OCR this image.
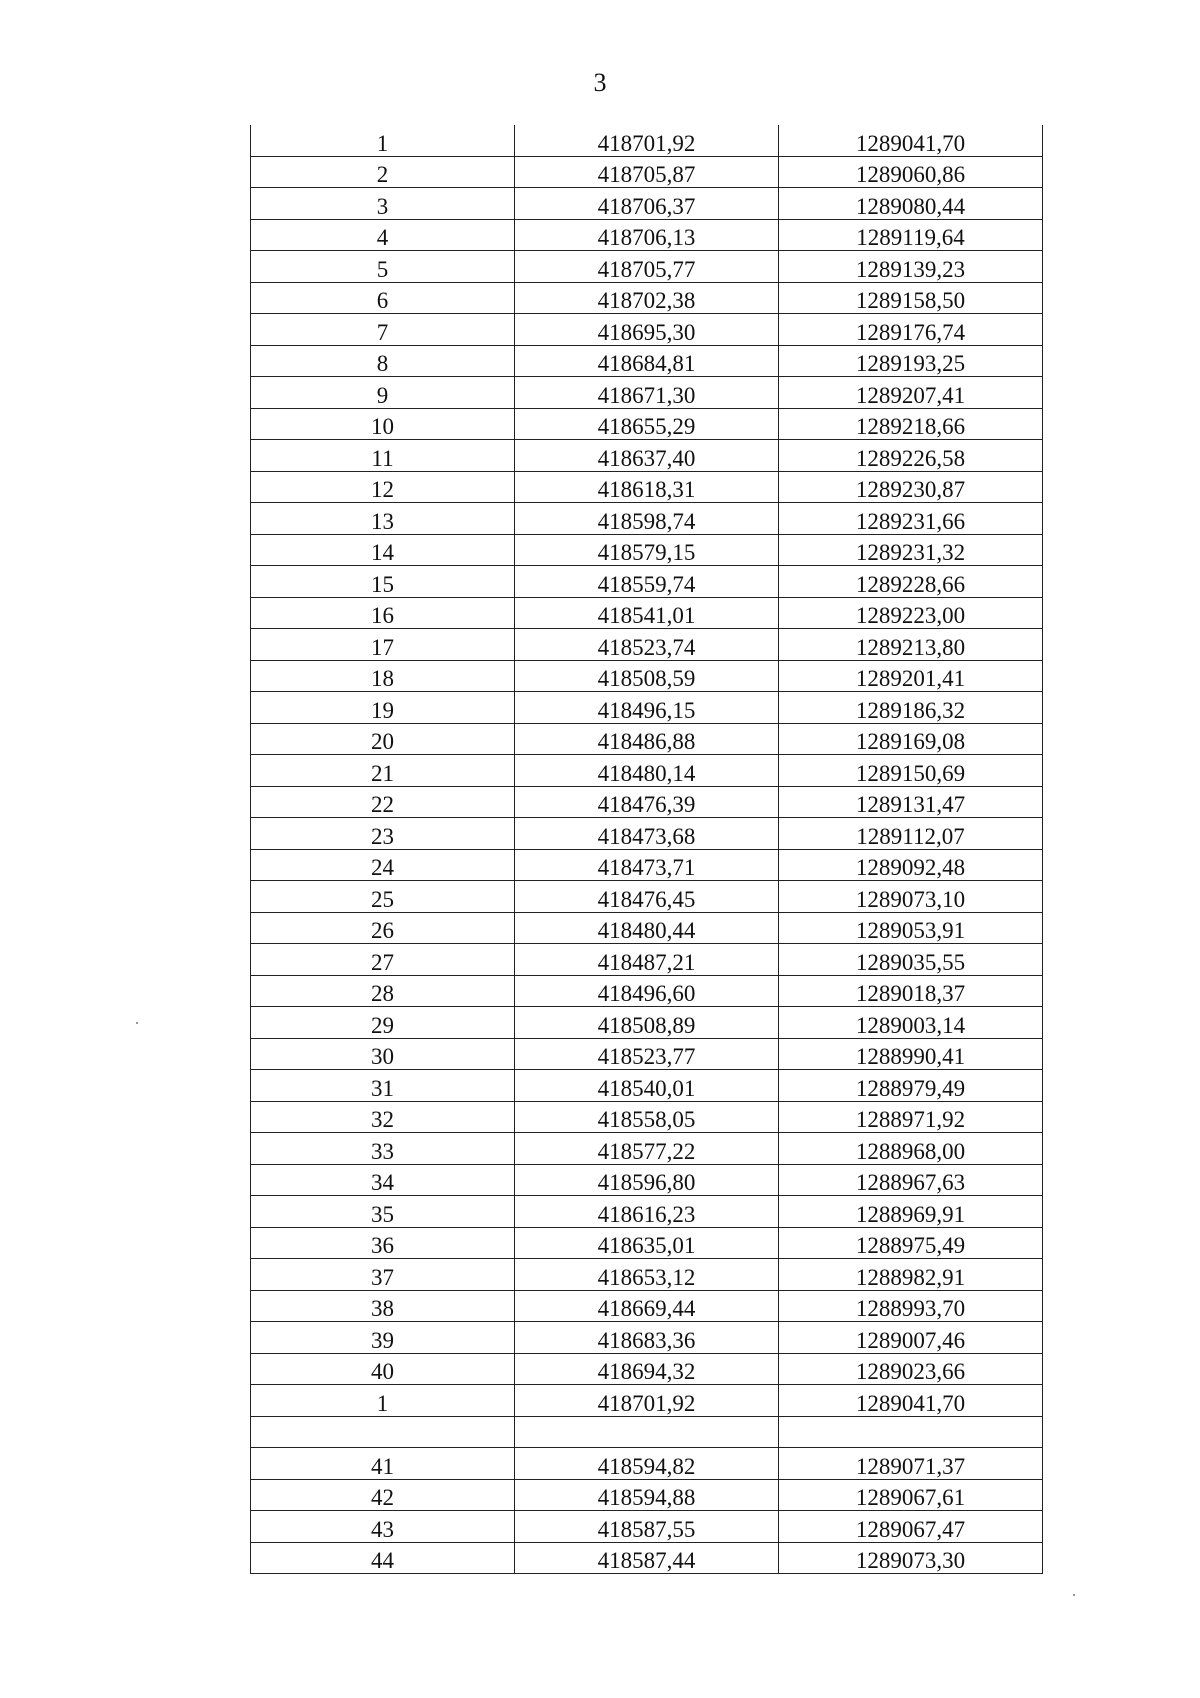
3
1	418701,92	1289041,70
2	418705,87	1289060,86
3	418706,37	1289080,44
4	418706,13	1289119,64
5	418705,77	1289139,23
6	418702,38	1289158,50
7	418695,30	1289176,74
8	418684,81	1289193,25
9	418671,30	1289207,41
10	418655,29	1289218,66
11	418637,40	1289226,58
12	418618,31	1289230,87
13	418598,74	1289231,66
14	418579,15	1289231,32
15	418559,74	1289228,66
16	418541,01	1289223,00
17	418523,74	1289213,80
18	418508,59	1289201,41
19	418496,15	1289186,32
20	418486,88	1289169,08
21	418480,14	1289150,69
22	418476,39	1289131,47
23	418473,68	1289112,07
24	418473,71	1289092,48
25	418476,45	1289073,10
26	418480,44	1289053,91
27	418487,21	1289035,55
28	418496,60	1289018,37
29	418508,89	1289003,14
30	418523,77	1288990,41
31	418540,01	1288979,49
32	418558,05	1288971,92
33	418577,22	1288968,00
34	418596,80	1288967,63
35	418616,23	1288969,91
36	418635,01	1288975,49
37	418653,12	1288982,91
38	418669,44	1288993,70
39	418683,36	1289007,46
40	418694,32	1289023,66
1	418701,92	1289041,70

41	418594,82	1289071,37
42	418594,88	1289067,61
43	418587,55	1289067,47
44	418587,44	1289073,30
